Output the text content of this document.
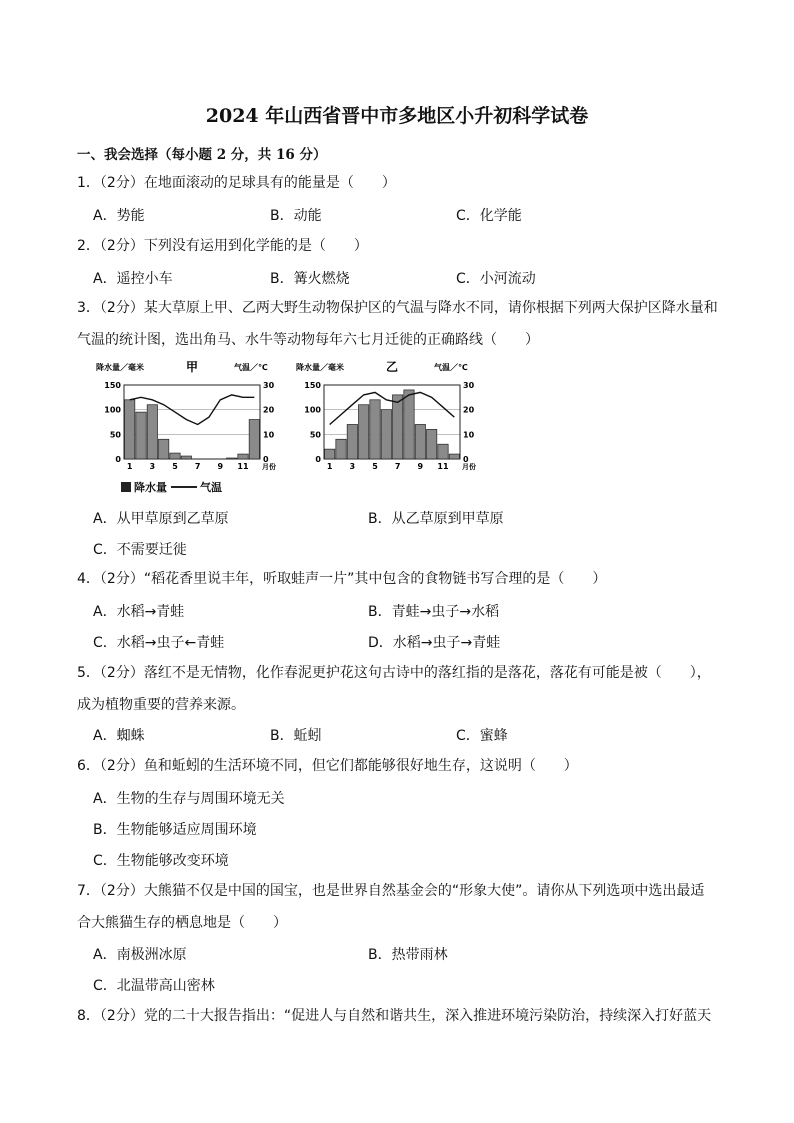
2024 年山西省晋中市多地区小升初科学试卷
一、我会选择（每小题 2 分，共 16 分）
1．（2分）在地面滚动的足球具有的能量是（　　）
A．势能	B．动能	C．化学能
2．（2分）下列没有运用到化学能的是（　　）
A．遥控小车	B．篝火燃烧	C．小河流动
3．（2分）某大草原上甲、乙两大野生动物保护区的气温与降水不同，请你根据下列两大保护区降水量和
气温的统计图，选出角马、水牛等动物每年六七月迁徙的正确路线（　　）
降水量／毫米	甲	气温／℃
0
50
100
150
0
10
20
30
1 3 5 7 9 11 月份
降水量／毫米	乙	气温／℃
0
50
100
150
0
10
20
30
1 3 5 7 9 11 月份
降水量	气温
A．从甲草原到乙草原	B．从乙草原到甲草原
C．不需要迁徙
4．（2分）“稻花香里说丰年，听取蛙声一片”其中包含的食物链书写合理的是（　　）
A．水稻→青蛙	B．青蛙→虫子→水稻
C．水稻→虫子←青蛙	D．水稻→虫子→青蛙
5．（2分）落红不是无情物，化作春泥更护花这句古诗中的落红指的是落花，落花有可能是被（　　），
成为植物重要的营养来源。
A．蜘蛛	B．蚯蚓	C．蜜蜂
6．（2分）鱼和蚯蚓的生活环境不同，但它们都能够很好地生存，这说明（　　）
A．生物的生存与周围环境无关
B．生物能够适应周围环境
C．生物能够改变环境
7．（2分）大熊猫不仅是中国的国宝，也是世界自然基金会的“形象大使”。请你从下列选项中选出最适
合大熊猫生存的栖息地是（　　）
A．南极洲冰原	B．热带雨林
C．北温带高山密林
8．（2分）党的二十大报告指出：“促进人与自然和谐共生，深入推进环境污染防治，持续深入打好蓝天
